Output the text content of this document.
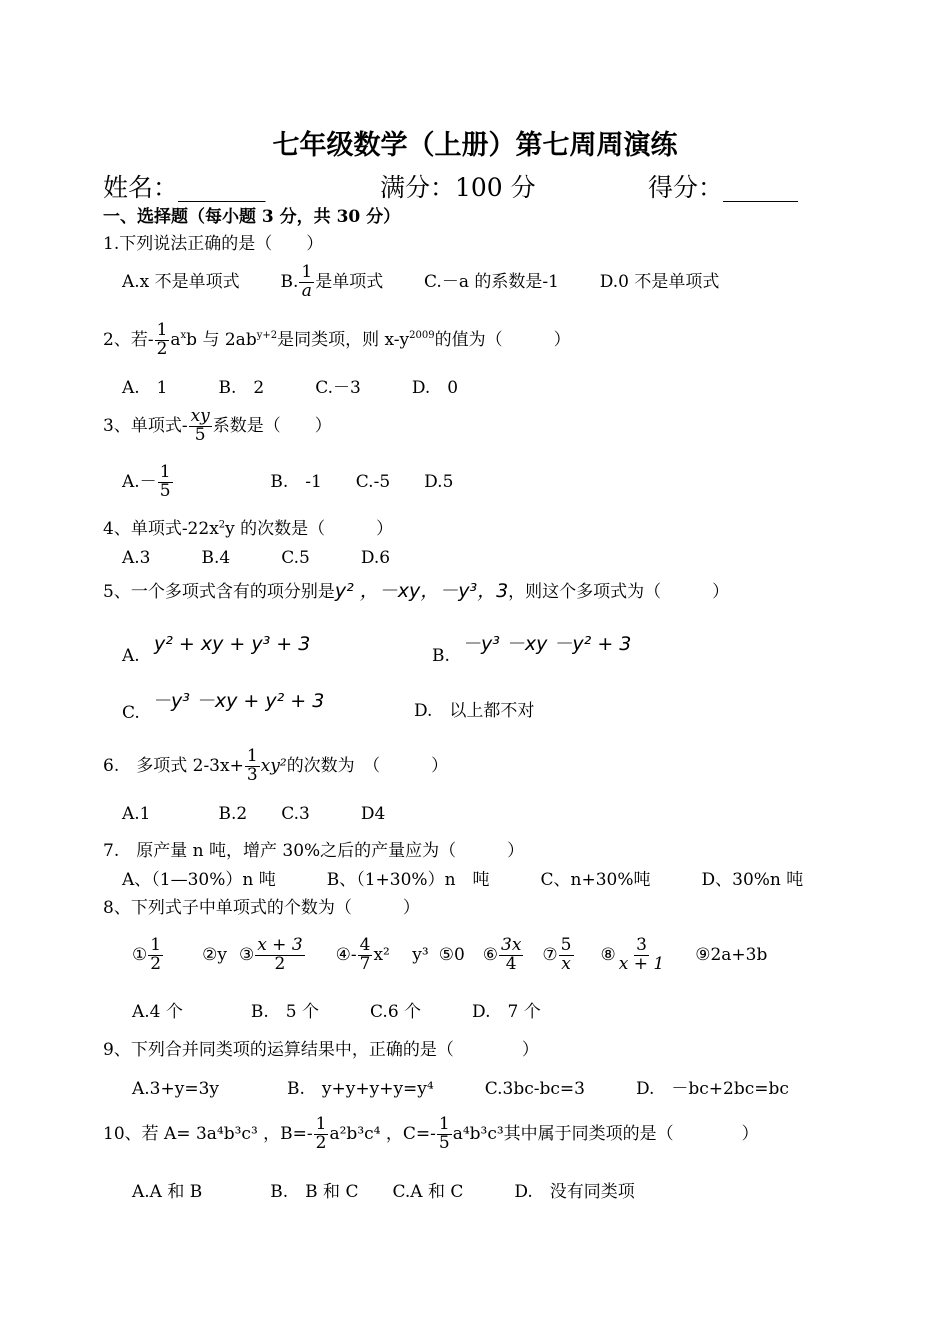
七年级数学（上册）第七周周演练
姓名：_______	满分：100 分	得分：______
一、选择题（每小题 3 分，共 30 分）
1.下列说法正确的是（　　）
A.x 不是单项式 B. $\frac{1}{a}$ 是单项式 C.－a 的系数是-1 D.0 不是单项式
2、若- $\frac{1}{2} a^xb$ 与 $2ab^{y+2}$是同类项，则 $x-y^{2009}$的值为（　　　）
A.　1　　　B.　2　　　C.－3　　　D.　0
3、单项式- $\frac{xy}{5}$ 系数是（　　）
$A.- \frac{1}{5}$	B.　-1　　C.-5　　D.5
4、单项式$-22x^2y$ 的次数是（　　　）
A.3　　　B.4　　　C.5　　　D.6
5、一个多项式含有的项分别是y² ，－xy，－y³，3，则这个多项式为（　　　）
A.
y² + xy + y³ + 3
B.
－y³ －xy －y² + 3
C.
－y³ －xy + y² + 3	D.　以上都不对
6.　多项式 $2-3x+ \frac{1}{3} xy^2$的次数为　（　　　）
A.1　　　　B.2　　C.3　　　D4
7.　原产量 n 吨，增产 30%之后的产量应为（　　　）
A、（1—30%）n 吨　　　B、（1+30%）n　吨　　　C、n+30%吨　　　D、30%n 吨
8、下列式子中单项式的个数为（　　　）
① $\frac{1}{2}$ ②y ③ $\frac{x + 3}{2}$ ④- $\frac{4}{7} x^2$ 　y³ ⑤0 ⑥ $\frac{3x}{4}$ ⑦ $\frac{5}{x}$ ⑧ $\frac{3}{x + 1}$ ⑨2a+3b
A.4 个　　　　B.　5 个　　　C.6 个　　　D.　7 个
9、下列合并同类项的运算结果中，正确的是（　　　　）
A.3+y=3y　　　　B.　y+y+y+y=y⁴　　　C.3bc-bc=3　　　D.　－bc+2bc=bc
10、若 A= 3a⁴b³c³ ，$B=- \frac{1}{2} a^2b^3c^4$ ，$C=- \frac{1}{5} a^4b^3c^3$其中属于同类项的是（　　　　）
A.A 和 B　　　　B.　B 和 C　　C.A 和 C　　　D.　没有同类项
